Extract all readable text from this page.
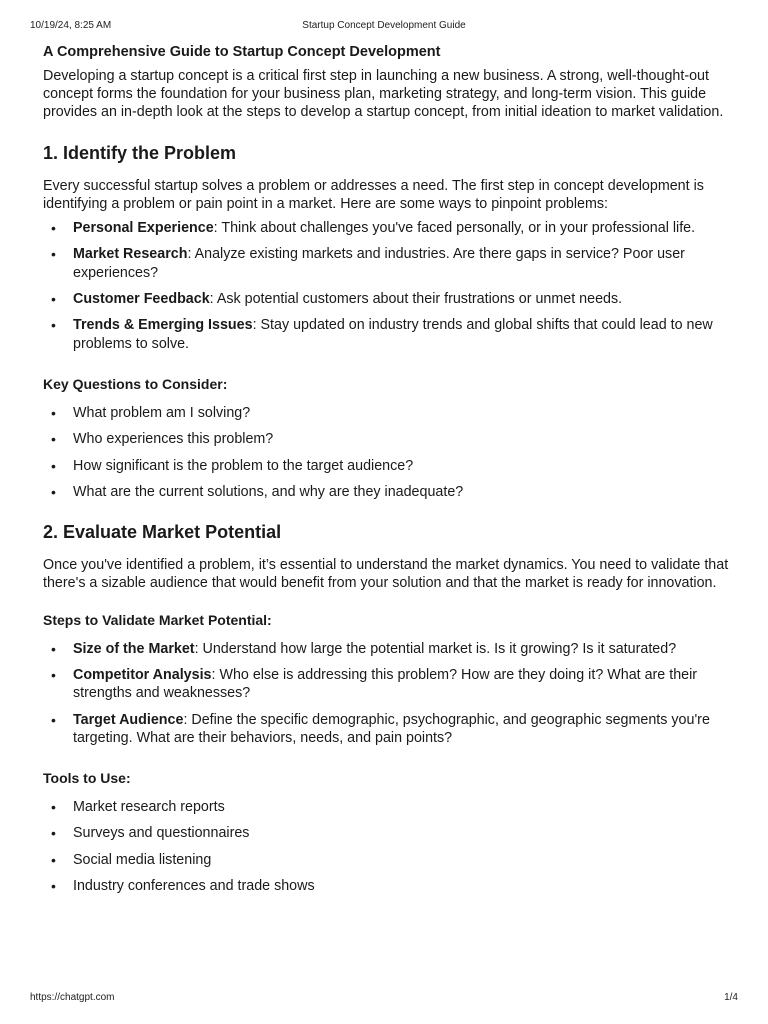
10/19/24, 8:25 AM	Startup Concept Development Guide
A Comprehensive Guide to Startup Concept Development

Developing a startup concept is a critical first step in launching a new business. A strong, well-thought-out concept forms the foundation for your business plan, marketing strategy, and long-term vision. This guide provides an in-depth look at the steps to develop a startup concept, from initial ideation to market validation.

1. Identify the Problem

Every successful startup solves a problem or addresses a need. The first step in concept development is identifying a problem or pain point in a market. Here are some ways to pinpoint problems:

• Personal Experience: Think about challenges you've faced personally, or in your professional life.
• Market Research: Analyze existing markets and industries. Are there gaps in service? Poor user experiences?
• Customer Feedback: Ask potential customers about their frustrations or unmet needs.
• Trends & Emerging Issues: Stay updated on industry trends and global shifts that could lead to new problems to solve.
Key Questions to Consider:
• What problem am I solving?
• Who experiences this problem?
• How significant is the problem to the target audience?
• What are the current solutions, and why are they inadequate?
2. Evaluate Market Potential

Once you've identified a problem, it’s essential to understand the market dynamics. You need to validate that there's a sizable audience that would benefit from your solution and that the market is ready for innovation.

Steps to Validate Market Potential:
• Size of the Market: Understand how large the potential market is. Is it growing? Is it saturated?
• Competitor Analysis: Who else is addressing this problem? How are they doing it? What are their strengths and weaknesses?
• Target Audience: Define the specific demographic, psychographic, and geographic segments you're targeting. What are their behaviors, needs, and pain points?
Tools to Use:
• Market research reports
• Surveys and questionnaires
• Social media listening
• Industry conferences and trade shows
https://chatgpt.com	1/4
